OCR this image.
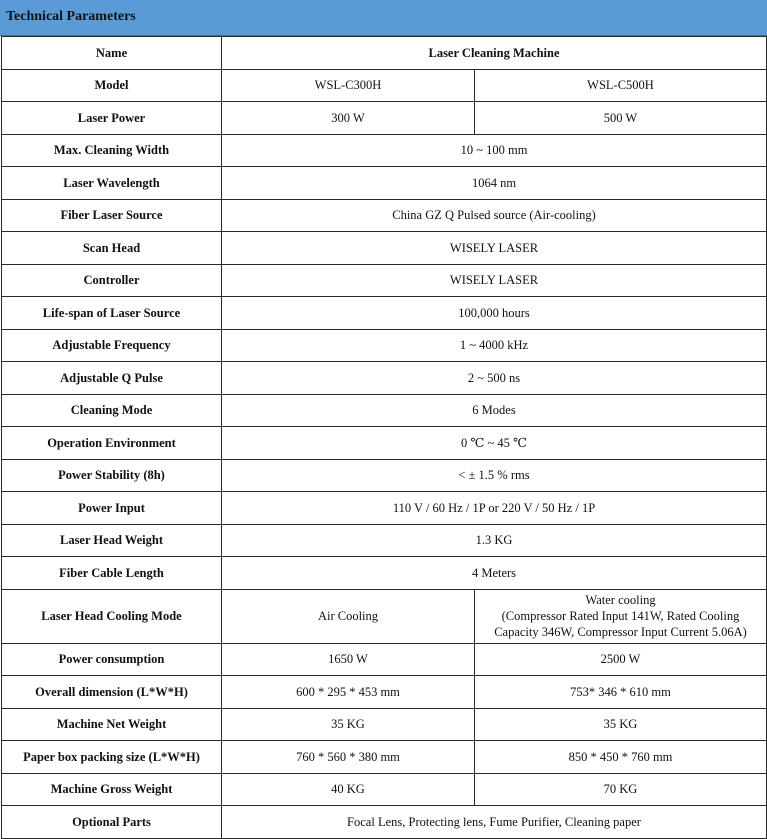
Technical Parameters
Name	Laser Cleaning Machine	
Model	WSL-C300H	WSL-C500H
Laser Power	300 W	500 W
Max. Cleaning Width	10 ~ 100 mm	
Laser Wavelength	1064 nm	
Fiber Laser Source	China GZ Q Pulsed source (Air-cooling)	
Scan Head	WISELY LASER	
Controller	WISELY LASER	
Life-span of Laser Source	100,000 hours	
Adjustable Frequency	1 ~ 4000 kHz	
Adjustable Q Pulse	2 ~ 500 ns	
Cleaning Mode	6 Modes	
Operation Environment	0 ℃ ~ 45 ℃	
Power Stability (8h)	< ± 1.5 % rms	
Power Input	110 V / 60 Hz / 1P or 220 V / 50 Hz / 1P	
Laser Head Weight	1.3 KG	
Fiber Cable Length	4 Meters	
Laser Head Cooling Mode	Air Cooling	Water cooling
(Compressor Rated Input 141W, Rated Cooling
Capacity 346W, Compressor Input Current 5.06A)
Power consumption	1650 W	2500 W
Overall dimension (L*W*H)	600 * 295 * 453 mm	753* 346 * 610 mm
Machine Net Weight	35 KG	35 KG
Paper box packing size (L*W*H)	760 * 560 * 380 mm	850 * 450 * 760 mm
Machine Gross Weight	40 KG	70 KG
Optional Parts	Focal Lens, Protecting lens, Fume Purifier, Cleaning paper	
